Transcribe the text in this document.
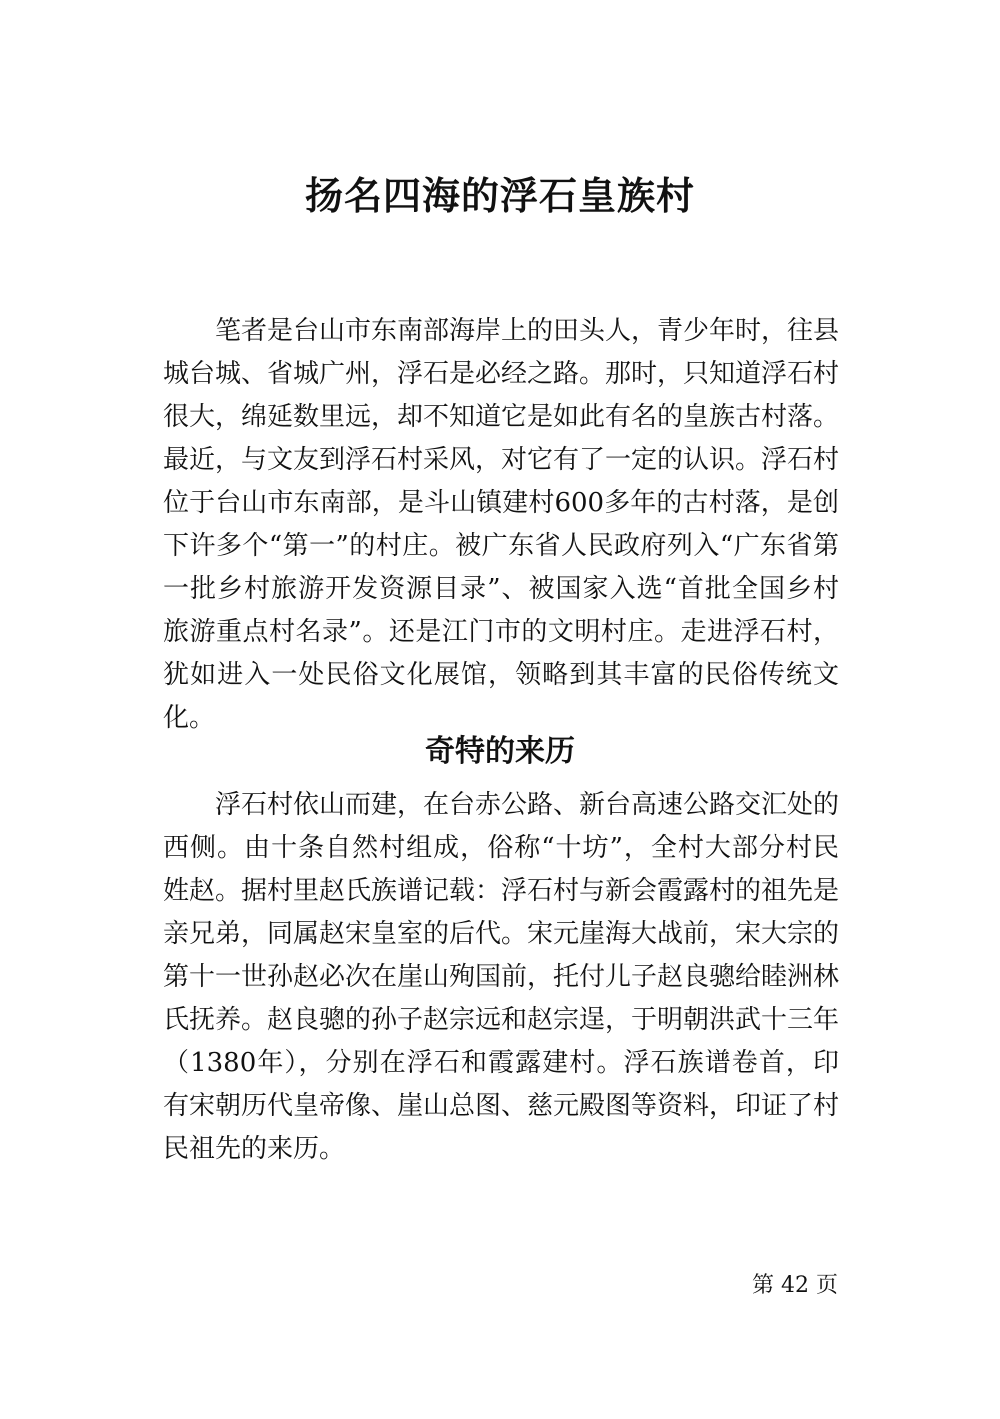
扬名四海的浮石皇族村

笔者是台山市东南部海岸上的田头人，青少年时，往县城台城、省城广州，浮石是必经之路。那时，只知道浮石村很大，绵延数里远，却不知道它是如此有名的皇族古村落。最近，与文友到浮石村采风，对它有了一定的认识。浮石村位于台山市东南部，是斗山镇建村600多年的古村落，是创下许多个“第一”的村庄。被广东省人民政府列入“广东省第一批乡村旅游开发资源目录”、被国家入选“首批全国乡村旅游重点村名录”。还是江门市的文明村庄。走进浮石村，犹如进入一处民俗文化展馆，领略到其丰富的民俗传统文化。

奇特的来历

浮石村依山而建，在台赤公路、新台高速公路交汇处的西侧。由十条自然村组成，俗称“十坊”，全村大部分村民姓赵。据村里赵氏族谱记载：浮石村与新会霞露村的祖先是亲兄弟，同属赵宋皇室的后代。宋元崖海大战前，宋大宗的第十一世孙赵必次在崖山殉国前，托付儿子赵良骢给睦洲林氏抚养。赵良骢的孙子赵宗远和赵宗逞，于明朝洪武十三年（1380年），分别在浮石和霞露建村。浮石族谱卷首，印有宋朝历代皇帝像、崖山总图、慈元殿图等资料，印证了村民祖先的来历。

第 42 页
